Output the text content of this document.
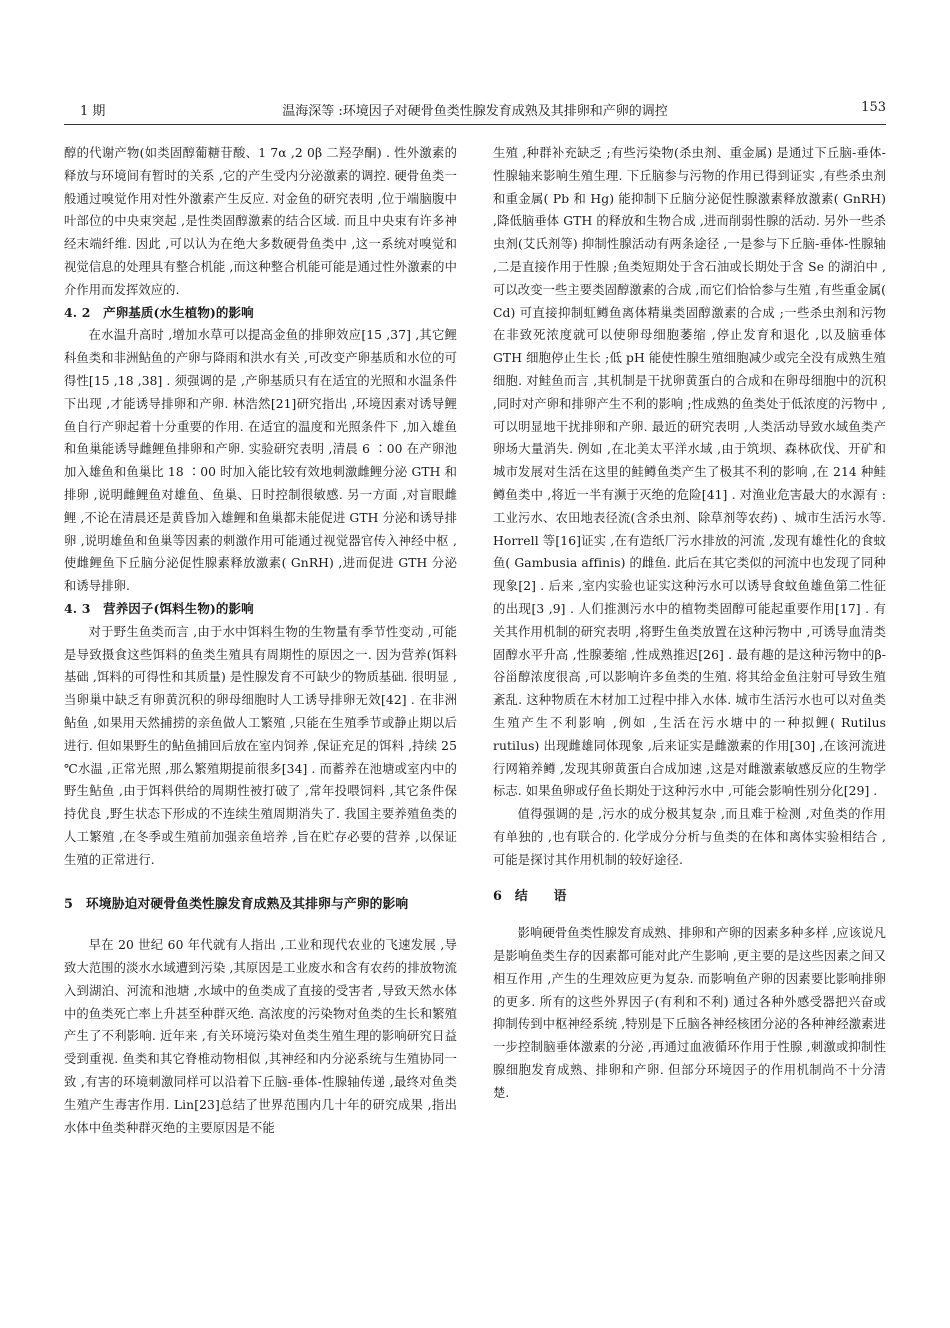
1 期	温海深等 :环境因子对硬骨鱼类性腺发育成熟及其排卵和产卵的调控	153

醇的代谢产物(如类固醇葡糖苷酸、1 7α ,2 0β 二羟孕酮) . 性外激素的释放与环境间有暂时的关系 ,它的产生受内分泌激素的调控. 硬骨鱼类一般通过嗅觉作用对性外激素产生反应. 对金鱼的研究表明 ,位于端脑腹中叶部位的中央束突起 ,是性类固醇激素的结合区域. 而且中央束有许多神经末端纤维. 因此 ,可以认为在绝大多数硬骨鱼类中 ,这一系统对嗅觉和视觉信息的处理具有整合机能 ,而这种整合机能可能是通过性外激素的中介作用而发挥效应的.

4. 2　产卵基质(水生植物)的影响

在水温升高时 ,增加水草可以提高金鱼的排卵效应[15 ,37] ,其它鲤科鱼类和非洲鲇鱼的产卵与降雨和洪水有关 ,可改变产卵基质和水位的可得性[15 ,18 ,38] . 须强调的是 ,产卵基质只有在适宜的光照和水温条件下出现 ,才能诱导排卵和产卵. 林浩然[21]研究指出 ,环境因素对诱导鲤鱼自行产卵起着十分重要的作用. 在适宜的温度和光照条件下 ,加入雄鱼和鱼巢能诱导雌鲤鱼排卵和产卵. 实验研究表明 ,清晨 6 ∶00 在产卵池加入雄鱼和鱼巢比 18 ∶00 时加入能比较有效地刺激雌鲤分泌 GTH 和排卵 ,说明雌鲤鱼对雄鱼、鱼巢、日时控制很敏感. 另一方面 ,对盲眼雌鲤 ,不论在清晨还是黄昏加入雄鲤和鱼巢都未能促进 GTH 分泌和诱导排卵 ,说明雄鱼和鱼巢等因素的刺激作用可能通过视觉器官传入神经中枢 ,使雌鲤鱼下丘脑分泌促性腺素释放激素( GnRH) ,进而促进 GTH 分泌和诱导排卵.

4. 3　营养因子(饵料生物)的影响

对于野生鱼类而言 ,由于水中饵料生物的生物量有季节性变动 ,可能是导致摄食这些饵料的鱼类生殖具有周期性的原因之一. 因为营养(饵料基础 ,饵料的可得性和其质量) 是性腺发育不可缺少的物质基础. 很明显 ,当卵巢中缺乏有卵黄沉积的卵母细胞时人工诱导排卵无效[42] . 在非洲鲇鱼 ,如果用天然捕捞的亲鱼做人工繁殖 ,只能在生殖季节或静止期以后进行. 但如果野生的鲇鱼捕回后放在室内饲养 ,保证充足的饵料 ,持续 25 ℃水温 ,正常光照 ,那么繁殖期提前很多[34] . 而蓄养在池塘或室内中的野生鲇鱼 ,由于饵料供给的周期性被打破了 ,常年投喂饲料 ,其它条件保持优良 ,野生状态下形成的不连续生殖周期消失了. 我国主要养殖鱼类的人工繁殖 ,在冬季或生殖前加强亲鱼培养 ,旨在贮存必要的营养 ,以保证生殖的正常进行.

5　环境胁迫对硬骨鱼类性腺发育成熟及其排卵与产卵的影响

早在 20 世纪 60 年代就有人指出 ,工业和现代农业的飞速发展 ,导致大范围的淡水水域遭到污染 ,其原因是工业废水和含有农药的排放物流入到湖泊、河流和池塘 ,水域中的鱼类成了直接的受害者 ,导致天然水体中的鱼类死亡率上升甚至种群灭绝. 高浓度的污染物对鱼类的生长和繁殖产生了不利影响. 近年来 ,有关环境污染对鱼类生殖生理的影响研究日益受到重视. 鱼类和其它脊椎动物相似 ,其神经和内分泌系统与生殖协同一致 ,有害的环境刺激同样可以沿着下丘脑-垂体-性腺轴传递 ,最终对鱼类生殖产生毒害作用. Lin[23]总结了世界范围内几十年的研究成果 ,指出水体中鱼类种群灭绝的主要原因是不能

生殖 ,种群补充缺乏 ;有些污染物(杀虫剂、重金属) 是通过下丘脑-垂体-性腺轴来影响生殖生理. 下丘脑参与污物的作用已得到证实 ,有些杀虫剂和重金属( Pb 和 Hg) 能抑制下丘脑分泌促性腺激素释放激素( GnRH) ,降低脑垂体 GTH 的释放和生物合成 ,进而削弱性腺的活动. 另外一些杀虫剂(艾氏剂等) 抑制性腺活动有两条途径 ,一是参与下丘脑-垂体-性腺轴 ,二是直接作用于性腺 ;鱼类短期处于含石油或长期处于含 Se 的湖泊中 ,可以改变一些主要类固醇激素的合成 ,而它们恰恰参与生殖 ,有些重金属( Cd) 可直接抑制虹鳟鱼离体精巢类固醇激素的合成 ;一些杀虫剂和污物在非致死浓度就可以使卵母细胞萎缩 ,停止发育和退化 ,以及脑垂体 GTH 细胞停止生长 ;低 pH 能使性腺生殖细胞减少或完全没有成熟生殖细胞. 对鲑鱼而言 ,其机制是干扰卵黄蛋白的合成和在卵母细胞中的沉积 ,同时对产卵和排卵产生不利的影响 ;性成熟的鱼类处于低浓度的污物中 ,可以明显地干扰排卵和产卵. 最近的研究表明 ,人类活动导致水域鱼类产卵场大量消失. 例如 ,在北美太平洋水域 ,由于筑坝、森林砍伐、开矿和城市发展对生活在这里的鲑鳟鱼类产生了极其不利的影响 ,在 214 种鲑鳟鱼类中 ,将近一半有濒于灭绝的危险[41] . 对渔业危害最大的水源有 :工业污水、农田地表径流(含杀虫剂、除草剂等农药) 、城市生活污水等. Horrell 等[16]证实 ,在有造纸厂污水排放的河流 ,发现有雄性化的食蚊鱼( Gambusia affinis) 的雌鱼. 此后在其它类似的河流中也发现了同种现象[2] . 后来 ,室内实验也证实这种污水可以诱导食蚊鱼雄鱼第二性征的出现[3 ,9] . 人们推测污水中的植物类固醇可能起重要作用[17] . 有关其作用机制的研究表明 ,将野生鱼类放置在这种污物中 ,可诱导血清类固醇水平升高 ,性腺萎缩 ,性成熟推迟[26] . 最有趣的是这种污物中的β-谷甾醇浓度很高 ,可以影响许多鱼类的生殖. 将其给金鱼注射可导致生殖紊乱. 这种物质在木材加工过程中排入水体. 城市生活污水也可以对鱼类生殖产生不利影响 ,例如 ,生活在污水塘中的一种拟鲤( Rutilus rutilus) 出现雌雄同体现象 ,后来证实是雌激素的作用[30] ,在该河流进行网箱养鳟 ,发现其卵黄蛋白合成加速 ,这是对雌激素敏感反应的生物学标志. 如果鱼卵或仔鱼长期处于这种污水中 ,可能会影响性别分化[29] .

值得强调的是 ,污水的成分极其复杂 ,而且难于检测 ,对鱼类的作用有单独的 ,也有联合的. 化学成分分析与鱼类的在体和离体实验相结合 ,可能是探讨其作用机制的较好途径.

6　结　　语

影响硬骨鱼类性腺发育成熟、排卵和产卵的因素多种多样 ,应该说凡是影响鱼类生存的因素都可能对此产生影响 ,更主要的是这些因素之间又相互作用 ,产生的生理效应更为复杂. 而影响鱼产卵的因素要比影响排卵的更多. 所有的这些外界因子(有利和不利) 通过各种外感受器把兴奋或抑制传到中枢神经系统 ,特别是下丘脑各神经核团分泌的各种神经激素进一步控制脑垂体激素的分泌 ,再通过血液循环作用于性腺 ,刺激或抑制性腺细胞发育成熟、排卵和产卵. 但部分环境因子的作用机制尚不十分清楚.
